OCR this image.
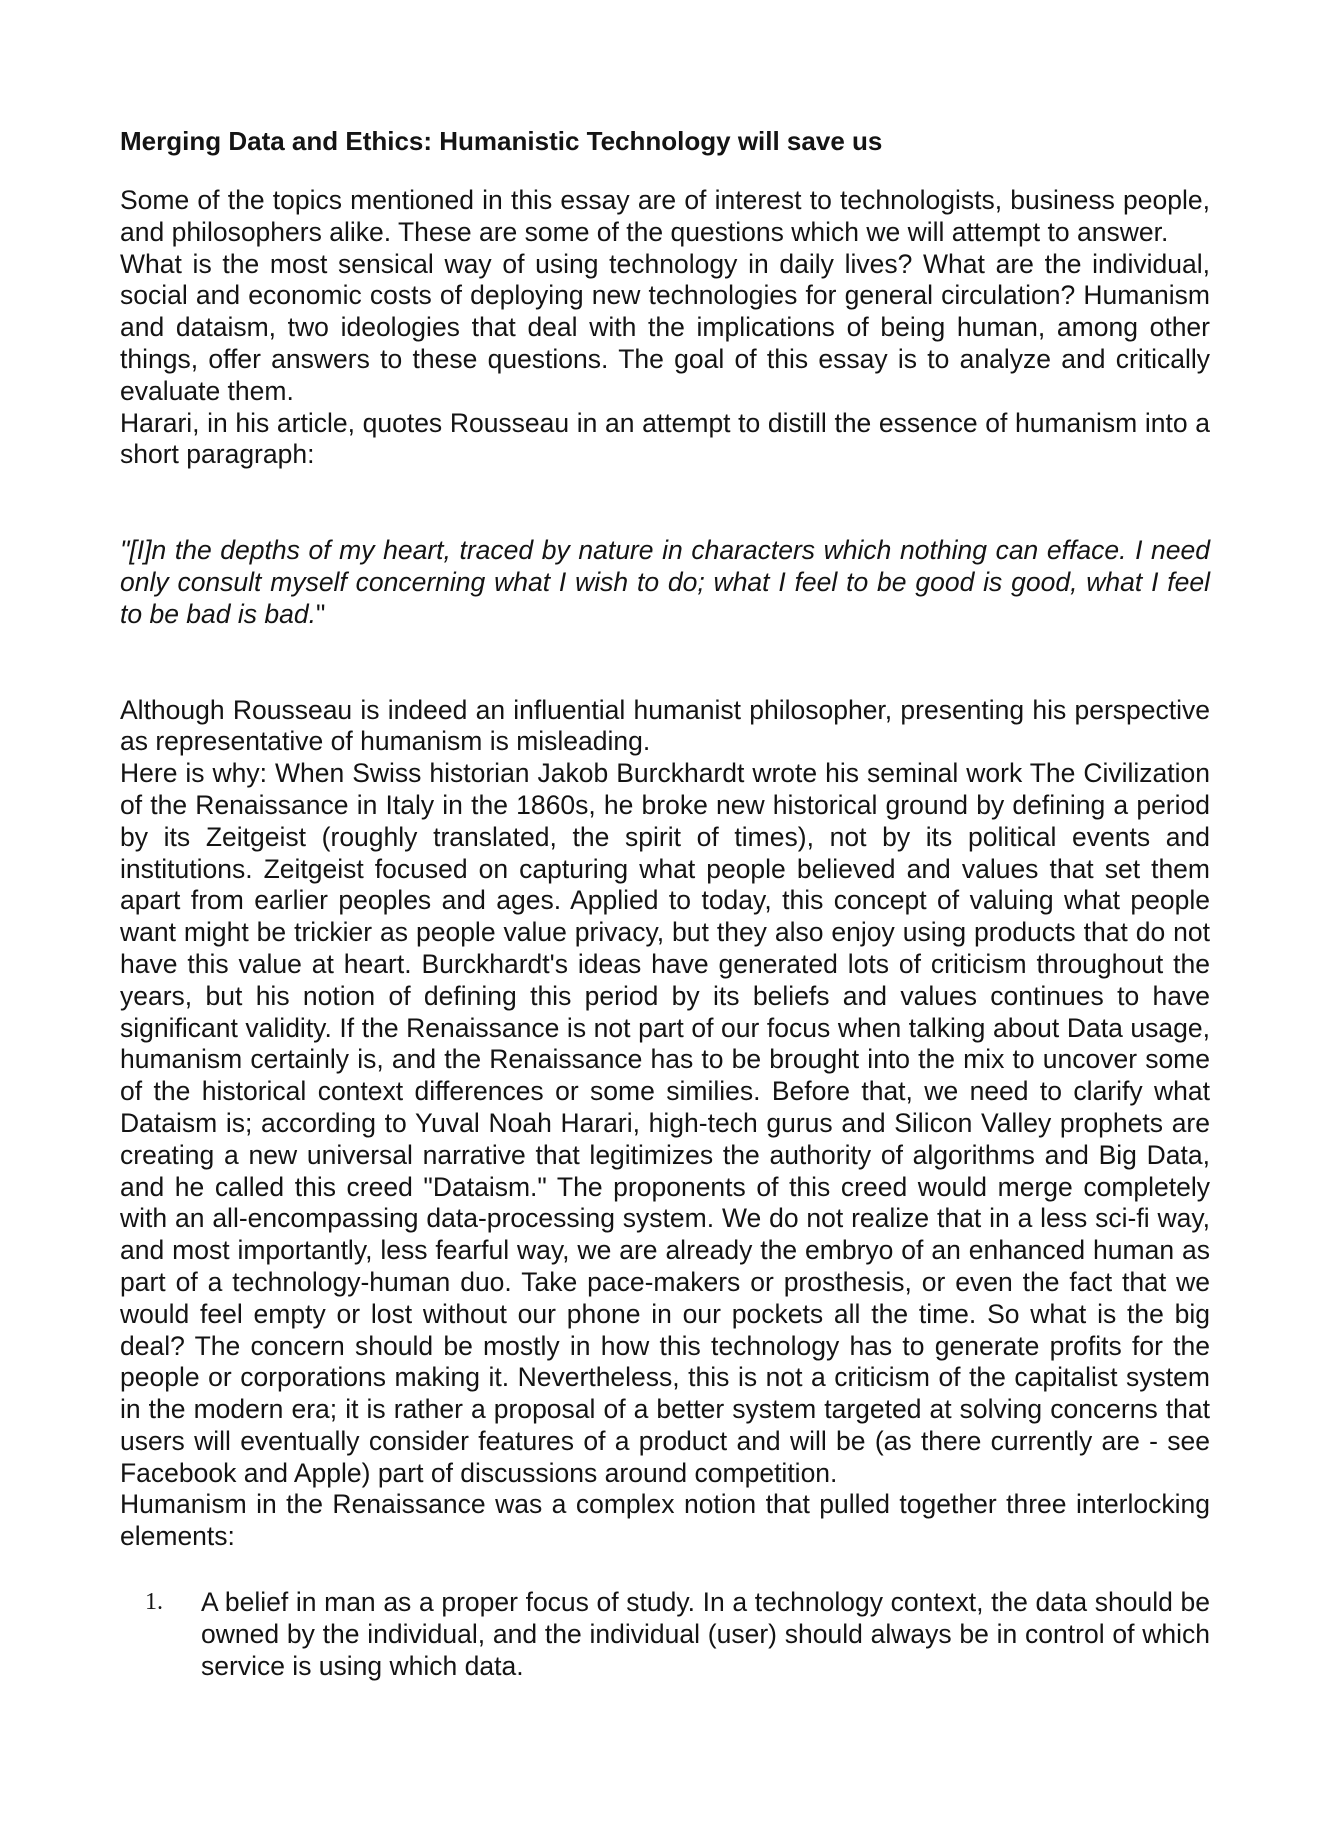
Merging Data and Ethics: Humanistic Technology will save us

Some of the topics mentioned in this essay are of interest to technologists, business people, and philosophers alike. These are some of the questions which we will attempt to answer.

What is the most sensical way of using technology in daily lives? What are the individual, social and economic costs of deploying new technologies for general circulation? Humanism and dataism, two ideologies that deal with the implications of being human, among other things, offer answers to these questions. The goal of this essay is to analyze and critically evaluate them.

Harari, in his article, quotes Rousseau in an attempt to distill the essence of humanism into a short paragraph:

"[I]n the depths of my heart, traced by nature in characters which nothing can efface. I need only consult myself concerning what I wish to do; what I feel to be good is good, what I feel to be bad is bad."

Although Rousseau is indeed an influential humanist philosopher, presenting his perspective as representative of humanism is misleading.

Here is why: When Swiss historian Jakob Burckhardt wrote his seminal work The Civilization of the Renaissance in Italy in the 1860s, he broke new historical ground by defining a period by its Zeitgeist (roughly translated, the spirit of times), not by its political events and institutions. Zeitgeist focused on capturing what people believed and values that set them apart from earlier peoples and ages. Applied to today, this concept of valuing what people want might be trickier as people value privacy, but they also enjoy using products that do not have this value at heart. Burckhardt's ideas have generated lots of criticism throughout the years, but his notion of defining this period by its beliefs and values continues to have significant validity. If the Renaissance is not part of our focus when talking about Data usage, humanism certainly is, and the Renaissance has to be brought into the mix to uncover some of the historical context differences or some similies. Before that, we need to clarify what Dataism is; according to Yuval Noah Harari, high-tech gurus and Silicon Valley prophets are creating a new universal narrative that legitimizes the authority of algorithms and Big Data, and he called this creed "Dataism." The proponents of this creed would merge completely with an all-encompassing data-processing system. We do not realize that in a less sci-fi way, and most importantly, less fearful way, we are already the embryo of an enhanced human as part of a technology-human duo. Take pace-makers or prosthesis, or even the fact that we would feel empty or lost without our phone in our pockets all the time. So what is the big deal? The concern should be mostly in how this technology has to generate profits for the people or corporations making it. Nevertheless, this is not a criticism of the capitalist system in the modern era; it is rather a proposal of a better system targeted at solving concerns that users will eventually consider features of a product and will be (as there currently are - see Facebook and Apple) part of discussions around competition.

Humanism in the Renaissance was a complex notion that pulled together three interlocking elements:

1. A belief in man as a proper focus of study. In a technology context, the data should be owned by the individual, and the individual (user) should always be in control of which service is using which data.
